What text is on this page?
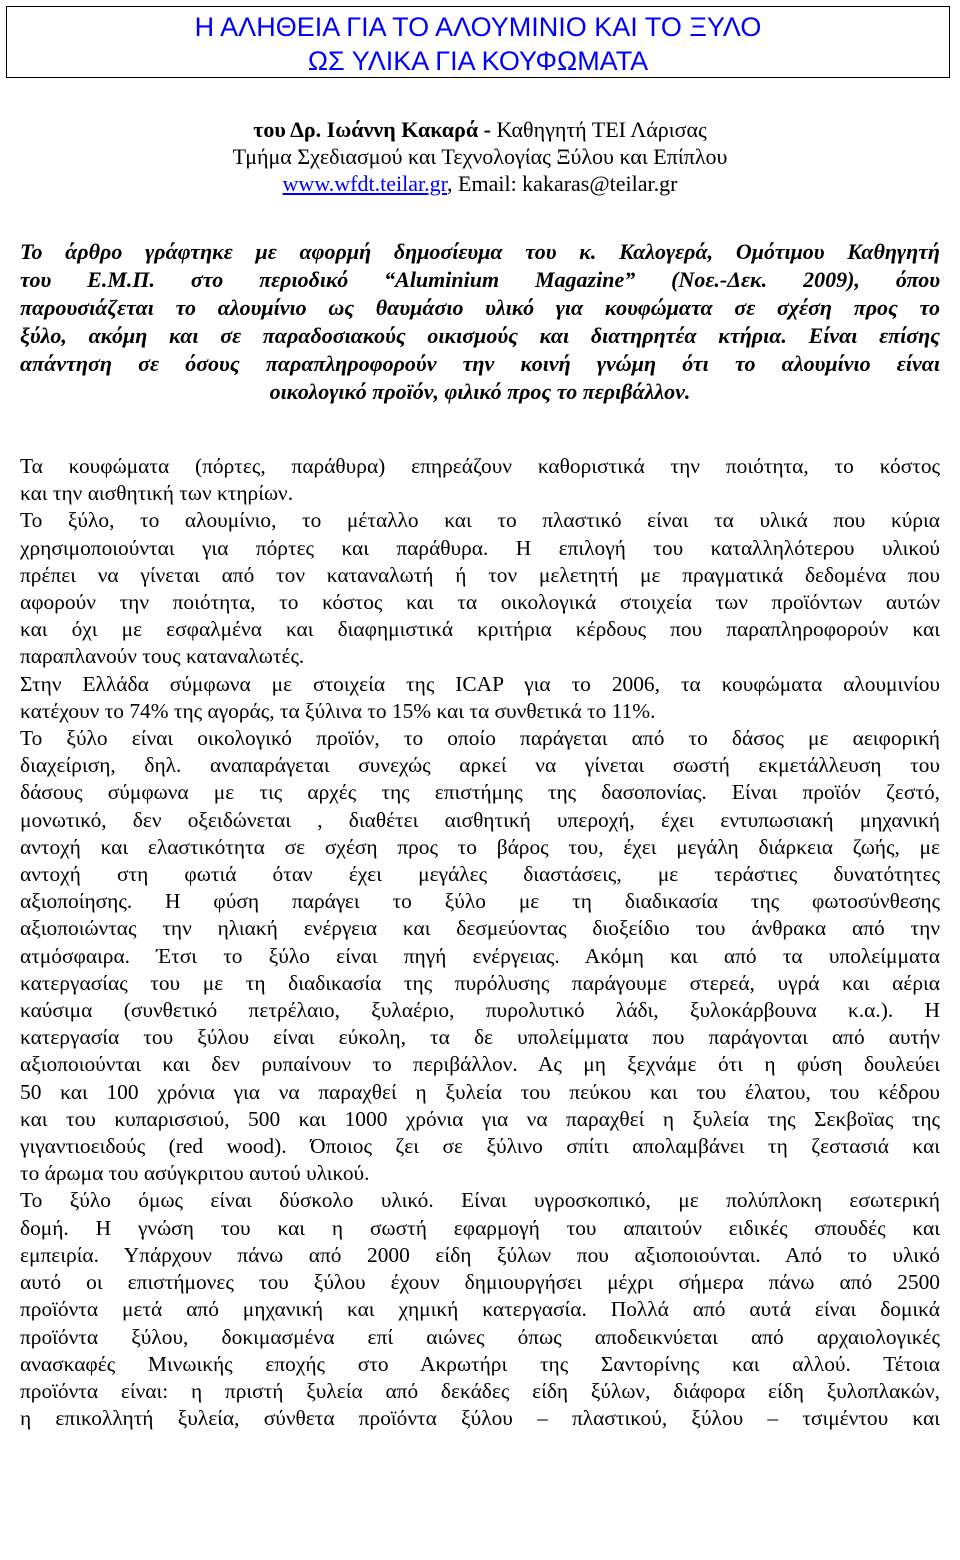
Η ΑΛΗΘΕΙΑ ΓΙΑ ΤΟ ΑΛΟΥΜΙΝΙΟ ΚΑΙ ΤΟ ΞΥΛΟ
ΩΣ ΥΛΙΚΑ ΓΙΑ ΚΟΥΦΩΜΑΤΑ
του Δρ. Ιωάννη Κακαρά - Καθηγητή ΤΕΙ Λάρισας
Τμήμα Σχεδιασμού και Τεχνολογίας Ξύλου και Επίπλου
www.wfdt.teilar.gr, Email: kakaras@teilar.gr
Το άρθρο γράφτηκε με αφορμή δημοσίευμα του κ. Καλογερά, Ομότιμου Καθηγητή
του Ε.Μ.Π. στο περιοδικό “Aluminium Magazine” (Νοε.-Δεκ. 2009), όπου
παρουσιάζεται το αλουμίνιο ως θαυμάσιο υλικό για κουφώματα σε σχέση προς το
ξύλο, ακόμη και σε παραδοσιακούς οικισμούς και διατηρητέα κτήρια. Είναι επίσης
απάντηση σε όσους παραπληροφορούν την κοινή γνώμη ότι το αλουμίνιο είναι
οικολογικό προϊόν, φιλικό προς το περιβάλλον.
Τα κουφώματα (πόρτες, παράθυρα) επηρεάζουν καθοριστικά την ποιότητα, το κόστος
και την αισθητική των κτηρίων.
Το ξύλο, το αλουμίνιο, το μέταλλο και το πλαστικό είναι τα υλικά που κύρια
χρησιμοποιούνται για πόρτες και παράθυρα. Η επιλογή του καταλληλότερου υλικού
πρέπει να γίνεται από τον καταναλωτή ή τον μελετητή με πραγματικά δεδομένα που
αφορούν την ποιότητα, το κόστος και τα οικολογικά στοιχεία των προϊόντων αυτών
και όχι με εσφαλμένα και διαφημιστικά κριτήρια κέρδους που παραπληροφορούν και
παραπλανούν τους καταναλωτές.
Στην Ελλάδα σύμφωνα με στοιχεία της ICAP για το 2006, τα κουφώματα αλουμινίου
κατέχουν το 74% της αγοράς, τα ξύλινα το 15% και τα συνθετικά το 11%.
Το ξύλο είναι οικολογικό προϊόν, το οποίο παράγεται από το δάσος με αειφορική
διαχείριση, δηλ. αναπαράγεται συνεχώς αρκεί να γίνεται σωστή εκμετάλλευση του
δάσους σύμφωνα με τις αρχές της επιστήμης της δασοπονίας. Είναι προϊόν ζεστό,
μονωτικό, δεν οξειδώνεται , διαθέτει αισθητική υπεροχή, έχει εντυπωσιακή μηχανική
αντοχή και ελαστικότητα σε σχέση προς το βάρος του, έχει μεγάλη διάρκεια ζωής, με
αντοχή στη φωτιά όταν έχει μεγάλες διαστάσεις, με τεράστιες δυνατότητες
αξιοποίησης. Η φύση παράγει το ξύλο με τη διαδικασία της φωτοσύνθεσης
αξιοποιώντας την ηλιακή ενέργεια και δεσμεύοντας διοξείδιο του άνθρακα από την
ατμόσφαιρα. Έτσι το ξύλο είναι πηγή ενέργειας. Ακόμη και από τα υπολείμματα
κατεργασίας του με τη διαδικασία της πυρόλυσης παράγουμε στερεά, υγρά και αέρια
καύσιμα (συνθετικό πετρέλαιο, ξυλαέριο, πυρολυτικό λάδι, ξυλοκάρβουνα κ.α.). Η
κατεργασία του ξύλου είναι εύκολη, τα δε υπολείμματα που παράγονται από αυτήν
αξιοποιούνται και δεν ρυπαίνουν το περιβάλλον. Ας μη ξεχνάμε ότι η φύση δουλεύει
50 και 100 χρόνια για να παραχθεί η ξυλεία του πεύκου και του έλατου, του κέδρου
και του κυπαρισσιού, 500 και 1000 χρόνια για να παραχθεί η ξυλεία της Σεκβοϊας της
γιγαντιοειδούς (red wood). Όποιος ζει σε ξύλινο σπίτι απολαμβάνει τη ζεστασιά και
το άρωμα του ασύγκριτου αυτού υλικού.
Το ξύλο όμως είναι δύσκολο υλικό. Είναι υγροσκοπικό, με πολύπλοκη εσωτερική
δομή. Η γνώση του και η σωστή εφαρμογή του απαιτούν ειδικές σπουδές και
εμπειρία. Υπάρχουν πάνω από 2000 είδη ξύλων που αξιοποιούνται. Από το υλικό
αυτό οι επιστήμονες του ξύλου έχουν δημιουργήσει μέχρι σήμερα πάνω από 2500
προϊόντα μετά από μηχανική και χημική κατεργασία. Πολλά από αυτά είναι δομικά
προϊόντα ξύλου, δοκιμασμένα επί αιώνες όπως αποδεικνύεται από αρχαιολογικές
ανασκαφές Μινωικής εποχής στο Ακρωτήρι της Σαντορίνης και αλλού. Τέτοια
προϊόντα είναι: η πριστή ξυλεία από δεκάδες είδη ξύλων, διάφορα είδη ξυλοπλακών,
η επικολλητή ξυλεία, σύνθετα προϊόντα ξύλου – πλαστικού, ξύλου – τσιμέντου και
